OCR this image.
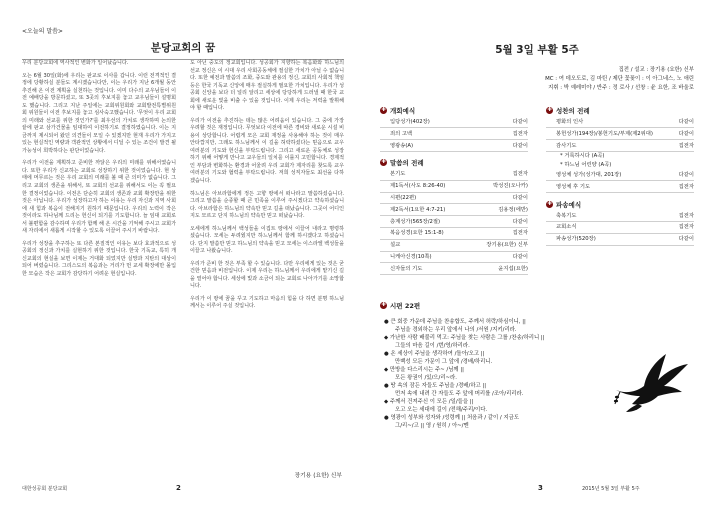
<오늘의 말씀>
분당교회의 꿈

우리 분당교회에 역사적인 변화가 일어났습니다.

오는 6월 30일(화)에 우리는 판교로 이사를 갑니다. 이런 전격적인 결정에 당황하실 분들도 계시겠습니다만, 이는 우리가 지난 6개월 동안 추진해 온 이전 계획을 실천하는 것입니다. 이미 다수의 교우님들이 이전 예배당을 방문하셨고, 또 3곳의 후보지를 놓고 교우님들이 설명회도 했습니다. 그리고 지난 주일에는 교회위원회와 교회발전특별위원회 위원들이 이전 후보지를 놓고 심사숙고했습니다. '무엇이 우리 교회의 미래와 선교를 위한 것인가?'를 최우선의 가치로 생각하며 논의한 끝에 판교 삼가건물을 임대하여 이전하기로 결정하였습니다. 이는 지금까지 제시되어 왔던 의견들이 모일 수 있겠지만 현재 우리가 가지고 있는 현실적인 역량과 객관적인 상황에서 디딜 수 있는 조건이 발견 될 가능성이 희박하다는 판단이었습니다.

우리가 이전을 계획하고 준비한 까닭은 우리의 미래를 위해서였습니다. 또한 우리가 신교하는 교회로 성장하기 위한 것이었습니다. 현 상태에 머무르는 것은 우리 교회의 미래를 볼 때 큰 의미가 없습니다. 그리고 교회의 생존을 위해서, 또 교회의 선교를 위해서도 이는 꼭 필요한 결정이었습니다. 이전은 단순히 교회의 생존과 교회 확장만을 위한 것은 아닙니다. 우리가 성장하고자 하는 이유는 우리 자신과 지역 사회에 새 힘과 복음이 전해지기 원하기 때문입니다. 우리의 노력이 작은 것이라도 하나님께 드리는 헌신이 되기를 기도합니다. 늘 임대 교회로서 불편함을 감수하며 우리가 함께 해 온 시간을 기억해 주시고 교회가 새 자리에서 새롭게 시작할 수 있도록 이끌어 주시기 바랍니다.

우리가 성장을 추구하는 또 다른 본질적인 이유는 보다 효과적으로 성공회의 정신과 가치를 실현하기 위한 것입니다. 한국 기독교, 특히 개신교회의 현실을 보면 이제는 거대화 되었지만 실망과 지탄의 대상이 되어 버렸습니다. 그리스도의 복음과는 거리가 먼 교세 확장에만 몰입한 모습은 작은 교회가 감당하기 어려운 현실입니다.

도 아닌 중도의 정교회입니다. 성공회가 지향하는 복음화와 하느님의 선교 정신은 이 시대 우리 사회공동체에 절실한 가치가 아닐 수 없습니다. 또한 예전과 말씀의 조화, 중도와 관용의 정신, 교회의 사회적 책임 등은 한국 기독교 신앙에 매우 절실하게 필요한 가치입니다. 우리가 성공회 신앙을 보다 더 널리 알리고 세상에 당당하게 드러낼 때 한국 교회에 새로운 빛을 비출 수 있을 것입니다. 이제 우리는 저력을 발휘해야 할 때입니다.

우리가 이전을 추진하는 데는 많은 어려움이 있습니다. 그 중에 가장 우려할 것은 재정입니다. 무엇보다 이전에 따른 경비와 새로운 시설 비용이 상당합니다. 어렵게 모은 교회 재정을 사용해야 하는 것이 매우 안타깝지만, 그래도 하느님께서 이 길을 허락하셨다는 믿음으로 교우 여러분의 기도와 헌신을 부탁드립니다. 그리고 새로운 공동체로 성장하기 위해 어떻게 만나고 교우들의 일치를 이룰지 고민합니다. 경제적인 부담과 변화하는 환경과 어울려 우리 교회가 제자리를 찾도록 교우 여러분의 기도와 협력을 부탁드립니다. 저희 성직자들도 최선을 다하겠습니다.

하느님은 아브라함에게 정든 고향 땅에서 떠나라고 말씀하셨습니다. 그리고 말씀을 순종할 때 큰 민족을 이루어 주시겠다고 약속하셨습니다. 아브라함은 하느님의 약속만 믿고 길을 떠났습니다. 그곳이 어디인지도 모르고 단지 하느님의 약속만 믿고 떠났습니다.

오세에게 하느님께서 백성들을 이집트 땅에서 이끌어 내라고 명령하셨습니다. 모세는 두려웠지만 하느님께서 함께 하시겠다고 하셨습니다. 단지 말씀만 믿고 하느님의 약속을 믿고 모세는 이스라엘 백성들을 이끌고 나왔습니다.

우리가 준비 한 것은 부족 할 수 있습니다. 다만 우리에게 있는 것은 굳건한 믿음과 비전입니다. 이제 우리는 하느님께서 우리에게 맡기신 길을 열어야 합니다. 세상에 빛과 소금이 되는 교회로 나아가기를 소망합니다.

우리가 이 땅에 꿈을 꾸고 기도하고 마음의 힘을 다 하면 분명 하느님께서는 이루어 주실 것입니다.

장기용 (요한) 신부
대한성공회 분당교회	2
5월 3일 부활 5주
집전 / 설교 : 장기용 (요한) 신부
MC : 여 데오도로, 김 마틴 / 제단 꽃꽂이 : 이 아그네스, 노 애린
지휘 : 박 예레미야 / 반주 : 정 로사 / 선창 : 윤 요한, 조 바울로
✚ 개회예식
입당성가(402장)	다같이
죄의 고백	집전자
영광송(A)	다같이
✚ 말씀의 전례
본기도	집전자
제1독서(사도 8:26-40)	박성진(오나카)
시편(22편)	다같이
제2독서(1요한 4:7-21)	김용정(에반)
층계성가(565장/2절)	다같이
복음성경(요한 15:1-8)	집전자
설교	장기용(요한) 신부
니케아신경(10쪽)	다같이
신자들의 기도	윤지섭(요한)
✚ 성찬의 전례
평화의 인사	다같이
봉헌성가(194장)/봉헌기도/부제(제2위대)	다같이
감사기도	집전자
* 거룩하시다 (A곡)
* 하느님 어린양 (A곡)
영성체 성가(성가대, 201장)	다같이
영성체 후 기도	집전자
✚ 파송예식
축복기도	집전자
교회소식	집전자
파송성가(520장)	다같이
✚ 시편 22편
● 큰 회중 가운데 주님을 찬송합도, 주께서 허락/하심이니, ||
주님을 경외하는 우리 앞에서 나의 /서원 /지키/리라.
◆ 가난한 사람 배불리 먹고: 주님을 찾는 사람은 그를 /찬송/하리니 ||
그들의 마음 길이 /번/영/하리라.
● 온 세상이 주님을 생각하여 /돌아/오고 ||
만백성 모든 가문이 그 앞에 /경배/하리니.
◆ 만방을 다스리시는 주~ /님께 ||
모든 왕권이 /있/으/리~라.
● 땅 속의 잠든 자들도 주님을 /경배/하고 ||
먼저 속에 내려 간 자들도 주 앞에 머리를 /조아/리리라.
◆ 주께서 건져주신 이 모든 /일/들을 ||
오고 오는 세대에 길이 /전해/주리/이다.
● 영광이 성부와 성자와 /성령께 || 처음과 / 같이 / 지금도
그/리~/고 || 영 / 원히 / 아~/멘
2015년 5월 3일 부활 5주
3
